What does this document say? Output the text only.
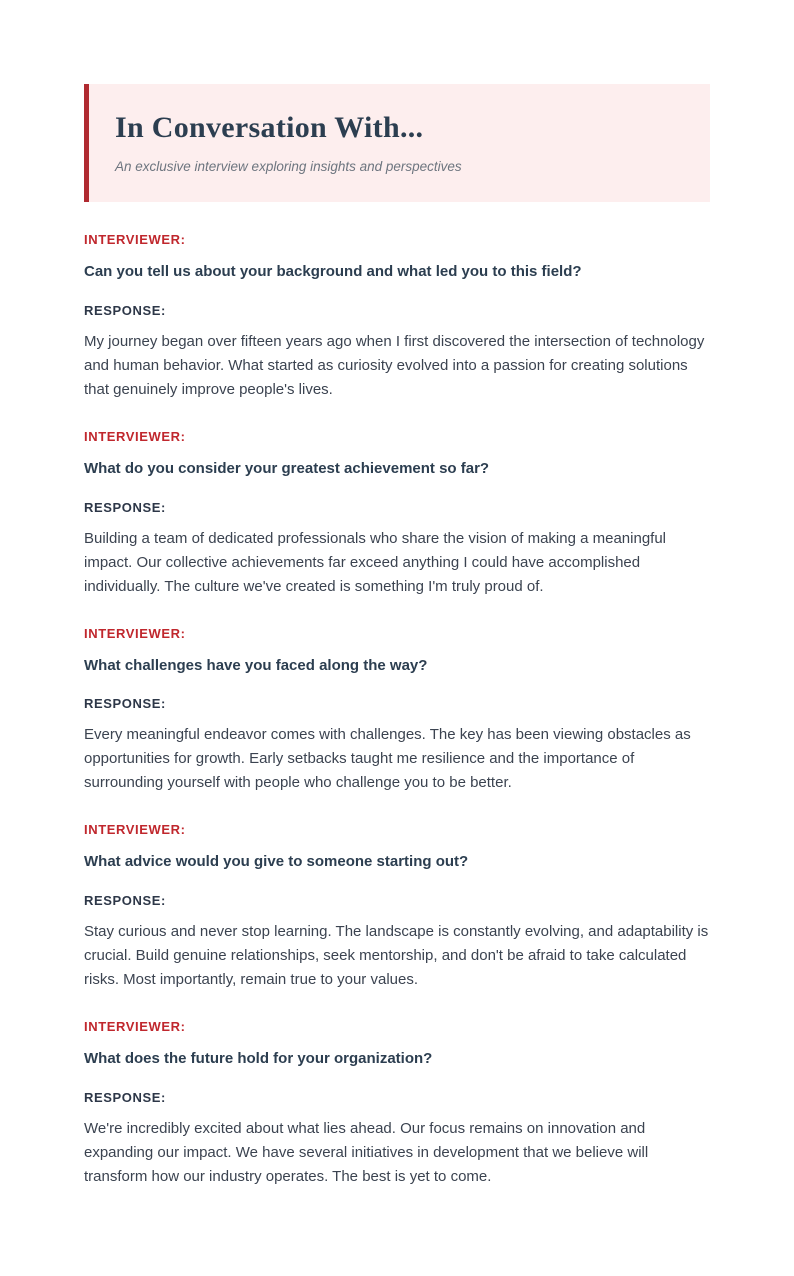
In Conversation With...
An exclusive interview exploring insights and perspectives
INTERVIEWER:
Can you tell us about your background and what led you to this field?
RESPONSE:
My journey began over fifteen years ago when I first discovered the intersection of technology and human behavior. What started as curiosity evolved into a passion for creating solutions that genuinely improve people's lives.
INTERVIEWER:
What do you consider your greatest achievement so far?
RESPONSE:
Building a team of dedicated professionals who share the vision of making a meaningful impact. Our collective achievements far exceed anything I could have accomplished individually. The culture we've created is something I'm truly proud of.
INTERVIEWER:
What challenges have you faced along the way?
RESPONSE:
Every meaningful endeavor comes with challenges. The key has been viewing obstacles as opportunities for growth. Early setbacks taught me resilience and the importance of surrounding yourself with people who challenge you to be better.
INTERVIEWER:
What advice would you give to someone starting out?
RESPONSE:
Stay curious and never stop learning. The landscape is constantly evolving, and adaptability is crucial. Build genuine relationships, seek mentorship, and don't be afraid to take calculated risks. Most importantly, remain true to your values.
INTERVIEWER:
What does the future hold for your organization?
RESPONSE:
We're incredibly excited about what lies ahead. Our focus remains on innovation and expanding our impact. We have several initiatives in development that we believe will transform how our industry operates. The best is yet to come.
